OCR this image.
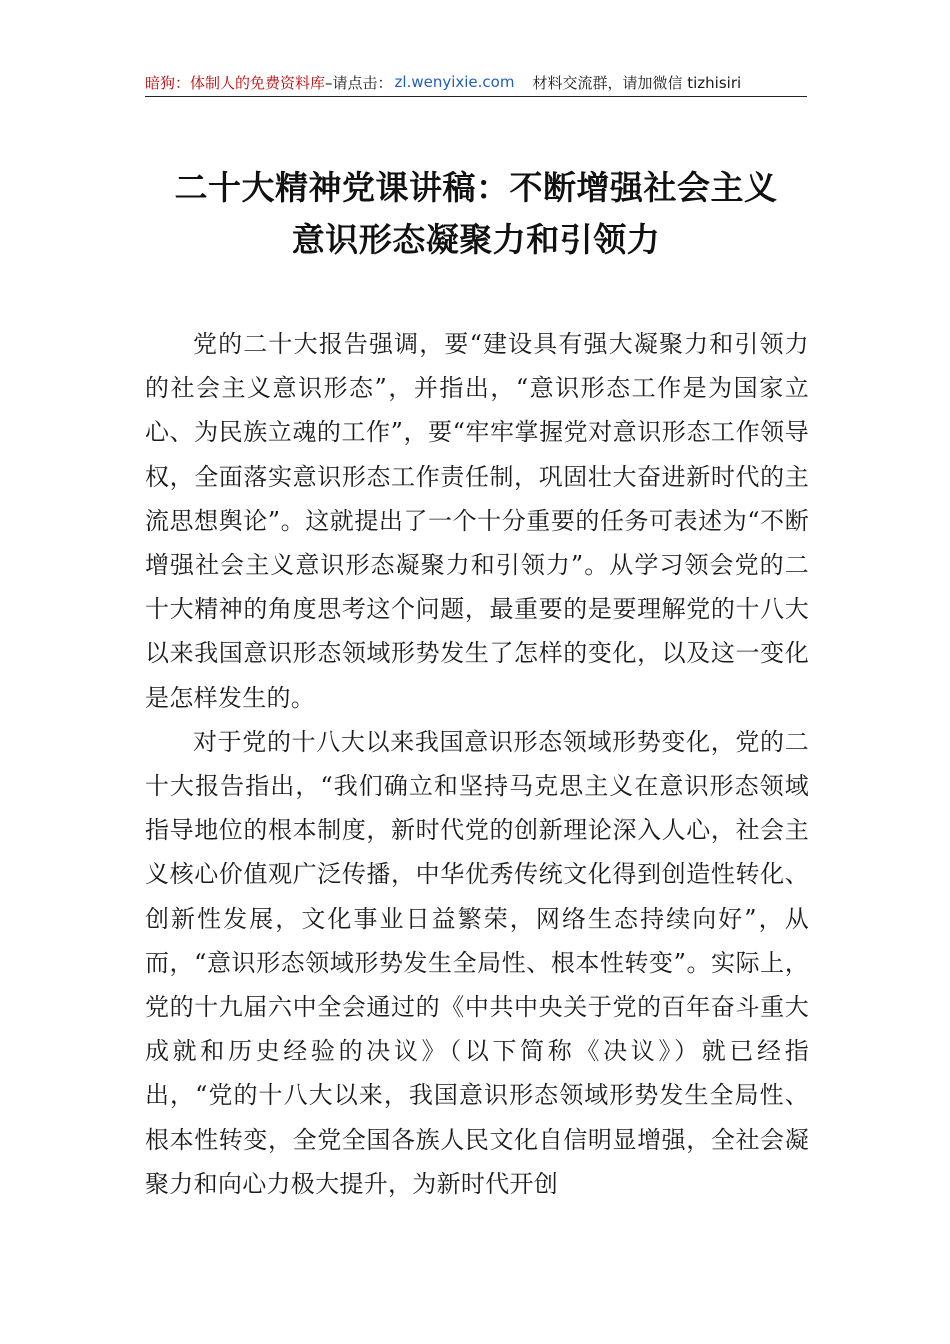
暗狗：体制人的免费资料库 –请点击： zl.wenyixie.com 材料交流群，请加微信 tizhisiri
二十大精神党课讲稿：不断增强社会主义
意识形态凝聚力和引领力

党的二十大报告强调，要“建设具有强大凝聚力和引领力的社会主义意识形态”，并指出，“意识形态工作是为国家立心、为民族立魂的工作”，要“牢牢掌握党对意识形态工作领导权，全面落实意识形态工作责任制，巩固壮大奋进新时代的主流思想舆论”。这就提出了一个十分重要的任务可表述为“不断增强社会主义意识形态凝聚力和引领力”。从学习领会党的二十大精神的角度思考这个问题，最重要的是要理解党的十八大以来我国意识形态领域形势发生了怎样的变化，以及这一变化是怎样发生的。

对于党的十八大以来我国意识形态领域形势变化，党的二十大报告指出，“我们确立和坚持马克思主义在意识形态领域指导地位的根本制度，新时代党的创新理论深入人心，社会主义核心价值观广泛传播，中华优秀传统文化得到创造性转化、创新性发展，文化事业日益繁荣，网络生态持续向好”，从而，“意识形态领域形势发生全局性、根本性转变”。实际上，党的十九届六中全会通过的《中共中央关于党的百年奋斗重大成就和历史经验的决议》（以下简称《决议》）就已经指出，“党的十八大以来，我国意识形态领域形势发生全局性、根本性转变，全党全国各族人民文化自信明显增强，全社会凝聚力和向心力极大提升，为新时代开创
